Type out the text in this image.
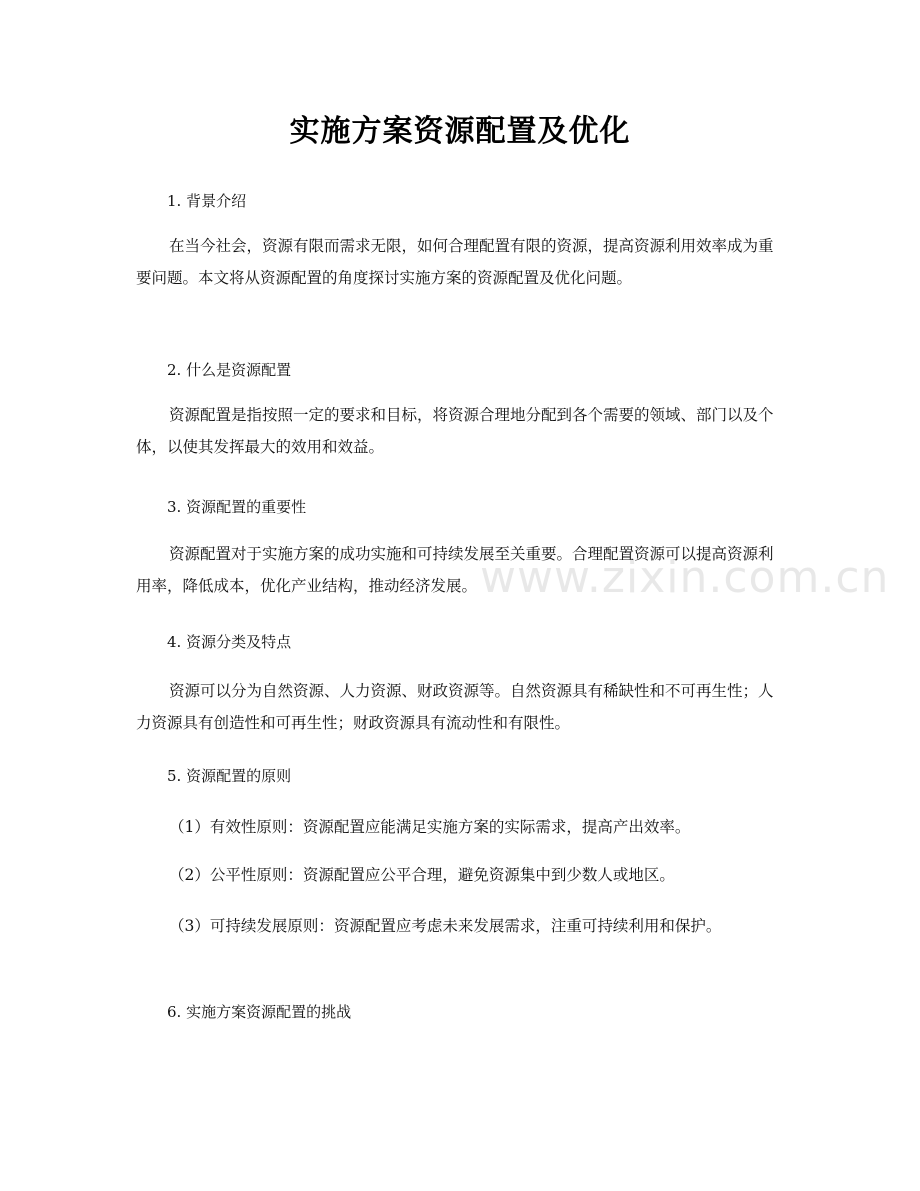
实施方案资源配置及优化
1. 背景介绍

在当今社会，资源有限而需求无限，如何合理配置有限的资源，提高资源利用效率成为重要问题。本文将从资源配置的角度探讨实施方案的资源配置及优化问题。

2. 什么是资源配置

资源配置是指按照一定的要求和目标，将资源合理地分配到各个需要的领域、部门以及个体，以使其发挥最大的效用和效益。

3. 资源配置的重要性

资源配置对于实施方案的成功实施和可持续发展至关重要。合理配置资源可以提高资源利用率，降低成本，优化产业结构，推动经济发展。

4. 资源分类及特点

资源可以分为自然资源、人力资源、财政资源等。自然资源具有稀缺性和不可再生性；人力资源具有创造性和可再生性；财政资源具有流动性和有限性。

5. 资源配置的原则

（1）有效性原则：资源配置应能满足实施方案的实际需求，提高产出效率。

（2）公平性原则：资源配置应公平合理，避免资源集中到少数人或地区。

（3）可持续发展原则：资源配置应考虑未来发展需求，注重可持续利用和保护。

6. 实施方案资源配置的挑战
www.zixin.com.cn
